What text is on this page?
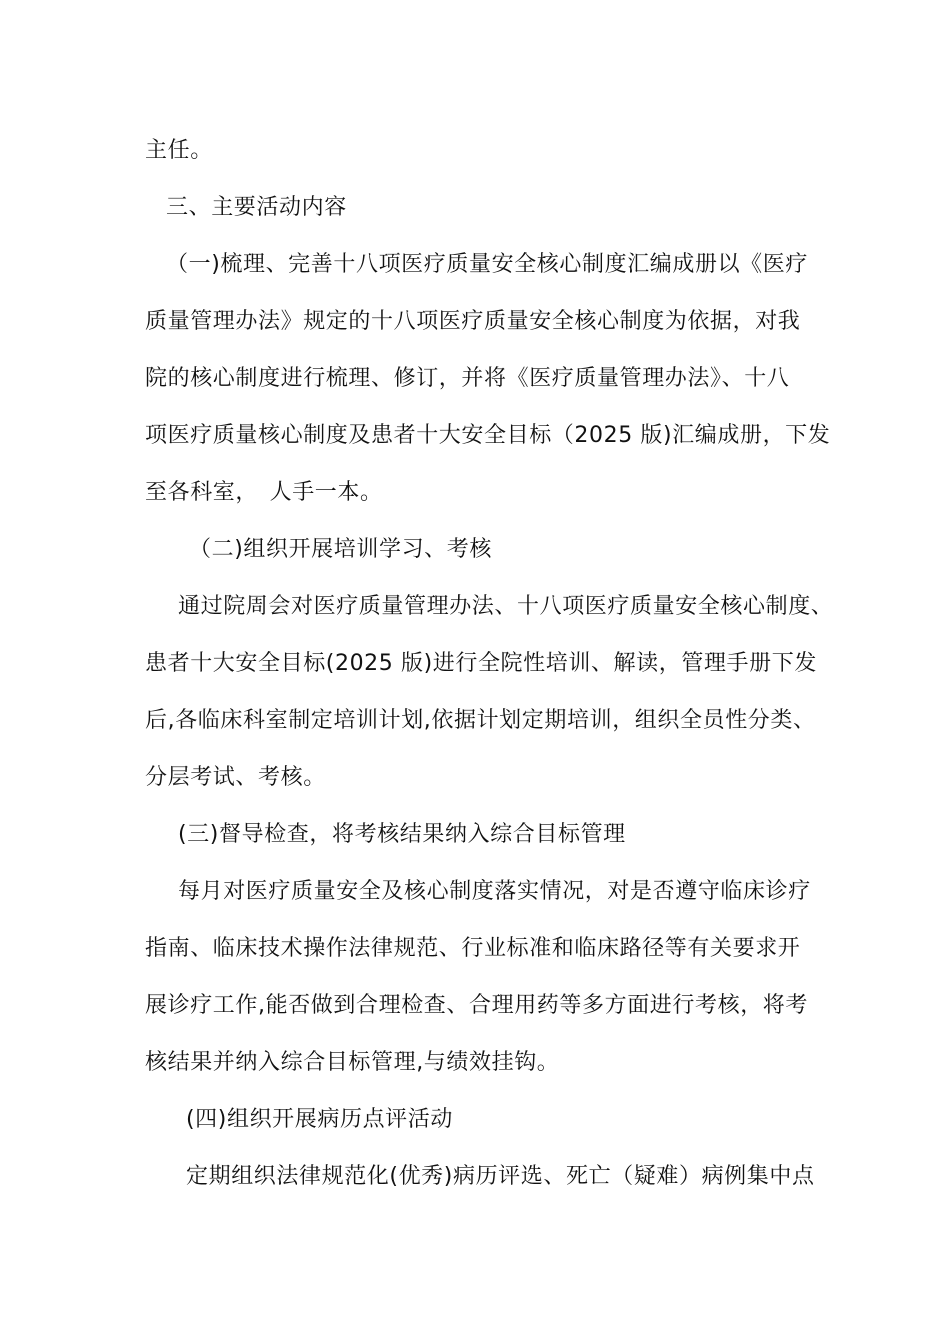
主任。
三、主要活动内容
（一)梳理、完善十八项医疗质量安全核心制度汇编成册以《医疗
质量管理办法》规定的十八项医疗质量安全核心制度为依据，对我
院的核心制度进行梳理、修订，并将《医疗质量管理办法》、十八
项医疗质量核心制度及患者十大安全目标（2025 版)汇编成册，下发
至各科室，　人手一本。
（二)组织开展培训学习、考核
通过院周会对医疗质量管理办法、十八项医疗质量安全核心制度、
患者十大安全目标(2025 版)进行全院性培训、解读，管理手册下发
后,各临床科室制定培训计划,依据计划定期培训，组织全员性分类、
分层考试、考核。
(三)督导检查，将考核结果纳入综合目标管理
每月对医疗质量安全及核心制度落实情况，对是否遵守临床诊疗
指南、临床技术操作法律规范、行业标准和临床路径等有关要求开
展诊疗工作,能否做到合理检查、合理用药等多方面进行考核，将考
核结果并纳入综合目标管理,与绩效挂钩。
(四)组织开展病历点评活动
定期组织法律规范化(优秀)病历评选、死亡（疑难）病例集中点
